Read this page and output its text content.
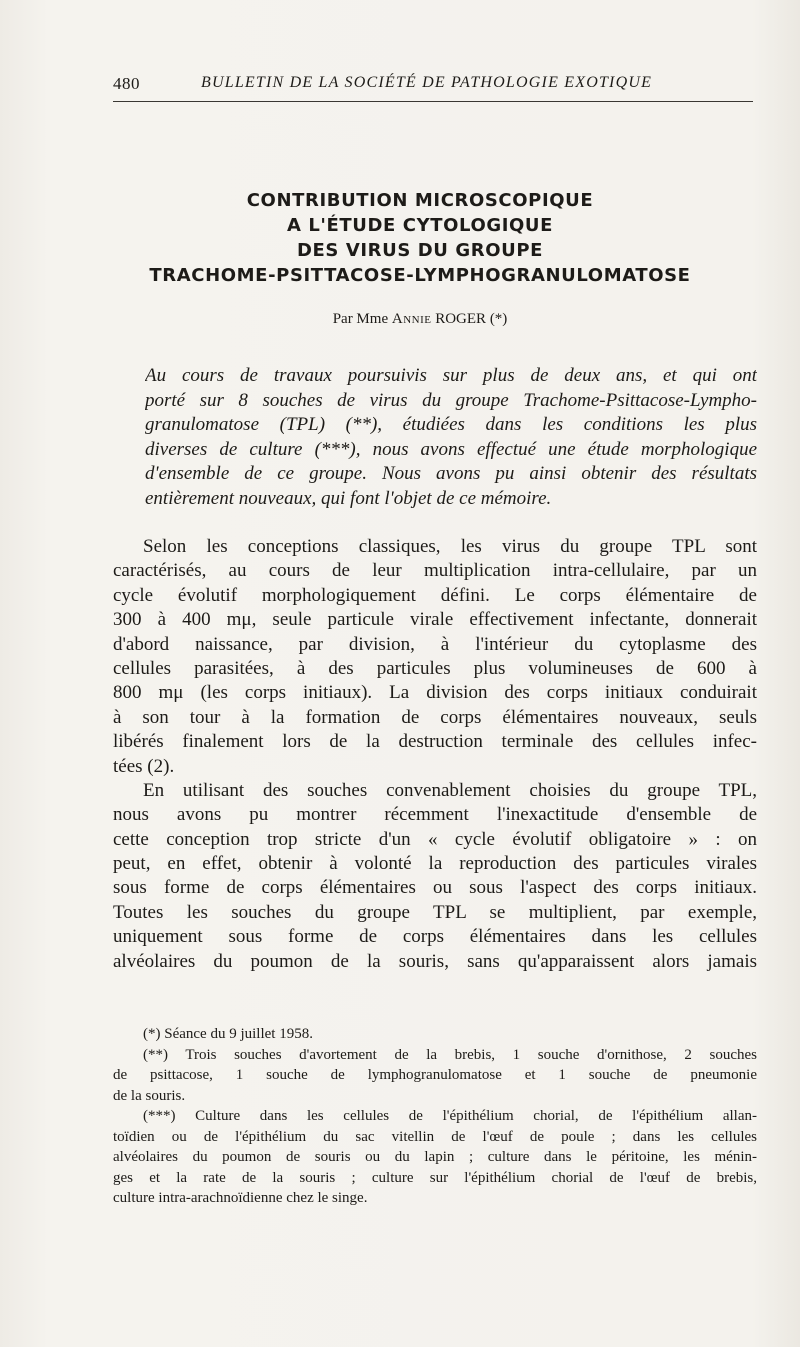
480	BULLETIN DE LA SOCIÉTÉ DE PATHOLOGIE EXOTIQUE
CONTRIBUTION MICROSCOPIQUE
A L'ÉTUDE CYTOLOGIQUE
DES VIRUS DU GROUPE
TRACHOME-PSITTACOSE-LYMPHOGRANULOMATOSE
Par Mme Annie ROGER (*)
Au cours de travaux poursuivis sur plus de deux ans, et qui ont
porté sur 8 souches de virus du groupe Trachome-Psittacose-Lympho-
granulomatose (TPL) (**), étudiées dans les conditions les plus
diverses de culture (***), nous avons effectué une étude morphologique
d'ensemble de ce groupe. Nous avons pu ainsi obtenir des résultats
entièrement nouveaux, qui font l'objet de ce mémoire.
Selon les conceptions classiques, les virus du groupe TPL sont
caractérisés, au cours de leur multiplication intra-cellulaire, par un
cycle évolutif morphologiquement défini. Le corps élémentaire de
300 à 400 mμ, seule particule virale effectivement infectante, donnerait
d'abord naissance, par division, à l'intérieur du cytoplasme des
cellules parasitées, à des particules plus volumineuses de 600 à
800 mμ (les corps initiaux). La division des corps initiaux conduirait
à son tour à la formation de corps élémentaires nouveaux, seuls
libérés finalement lors de la destruction terminale des cellules infec-
tées (2).
En utilisant des souches convenablement choisies du groupe TPL,
nous avons pu montrer récemment l'inexactitude d'ensemble de
cette conception trop stricte d'un « cycle évolutif obligatoire » : on
peut, en effet, obtenir à volonté la reproduction des particules virales
sous forme de corps élémentaires ou sous l'aspect des corps initiaux.
Toutes les souches du groupe TPL se multiplient, par exemple,
uniquement sous forme de corps élémentaires dans les cellules
alvéolaires du poumon de la souris, sans qu'apparaissent alors jamais
(*) Séance du 9 juillet 1958.
(**) Trois souches d'avortement de la brebis, 1 souche d'ornithose, 2 souches
de psittacose, 1 souche de lymphogranulomatose et 1 souche de pneumonie
de la souris.
(***) Culture dans les cellules de l'épithélium chorial, de l'épithélium allan-
toïdien ou de l'épithélium du sac vitellin de l'œuf de poule ; dans les cellules
alvéolaires du poumon de souris ou du lapin ; culture dans le péritoine, les ménin-
ges et la rate de la souris ; culture sur l'épithélium chorial de l'œuf de brebis,
culture intra-arachnoïdienne chez le singe.
